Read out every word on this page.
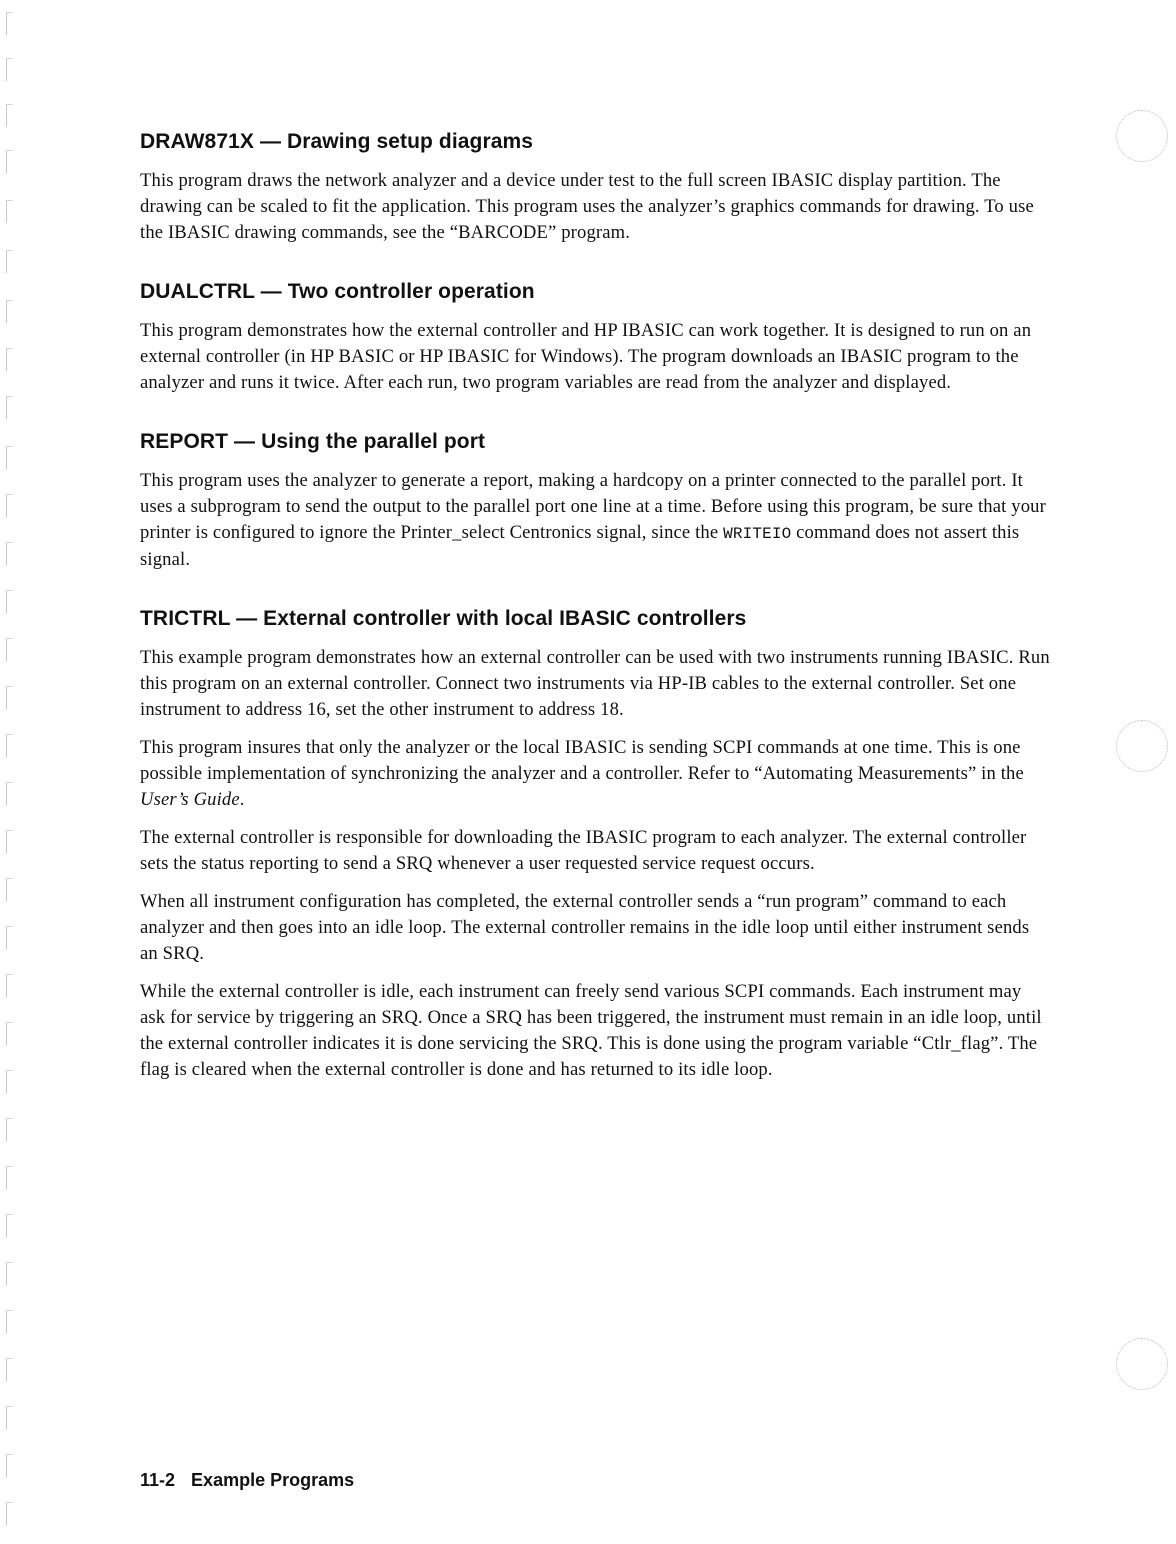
DRAW871X — Drawing setup diagrams

This program draws the network analyzer and a device under test to the full screen IBASIC display partition. The drawing can be scaled to fit the application. This program uses the analyzer’s graphics commands for drawing. To use the IBASIC drawing commands, see the “BARCODE” program.

DUALCTRL — Two controller operation

This program demonstrates how the external controller and HP IBASIC can work together. It is designed to run on an external controller (in HP BASIC or HP IBASIC for Windows). The program downloads an IBASIC program to the analyzer and runs it twice. After each run, two program variables are read from the analyzer and displayed.

REPORT — Using the parallel port

This program uses the analyzer to generate a report, making a hardcopy on a printer connected to the parallel port. It uses a subprogram to send the output to the parallel port one line at a time. Before using this program, be sure that your printer is configured to ignore the Printer_select Centronics signal, since the WRITEIO command does not assert this signal.

TRICTRL — External controller with local IBASIC controllers

This example program demonstrates how an external controller can be used with two instruments running IBASIC. Run this program on an external controller. Connect two instruments via HP-IB cables to the external controller. Set one instrument to address 16, set the other instrument to address 18.

This program insures that only the analyzer or the local IBASIC is sending SCPI commands at one time. This is one possible implementation of synchronizing the analyzer and a controller. Refer to “Automating Measurements” in the User’s Guide.

The external controller is responsible for downloading the IBASIC program to each analyzer. The external controller sets the status reporting to send a SRQ whenever a user requested service request occurs.

When all instrument configuration has completed, the external controller sends a “run program” command to each analyzer and then goes into an idle loop. The external controller remains in the idle loop until either instrument sends an SRQ.

While the external controller is idle, each instrument can freely send various SCPI commands. Each instrument may ask for service by triggering an SRQ. Once a SRQ has been triggered, the instrument must remain in an idle loop, until the external controller indicates it is done servicing the SRQ. This is done using the program variable “Ctlr_flag”. The flag is cleared when the external controller is done and has returned to its idle loop.

11-2 Example Programs
